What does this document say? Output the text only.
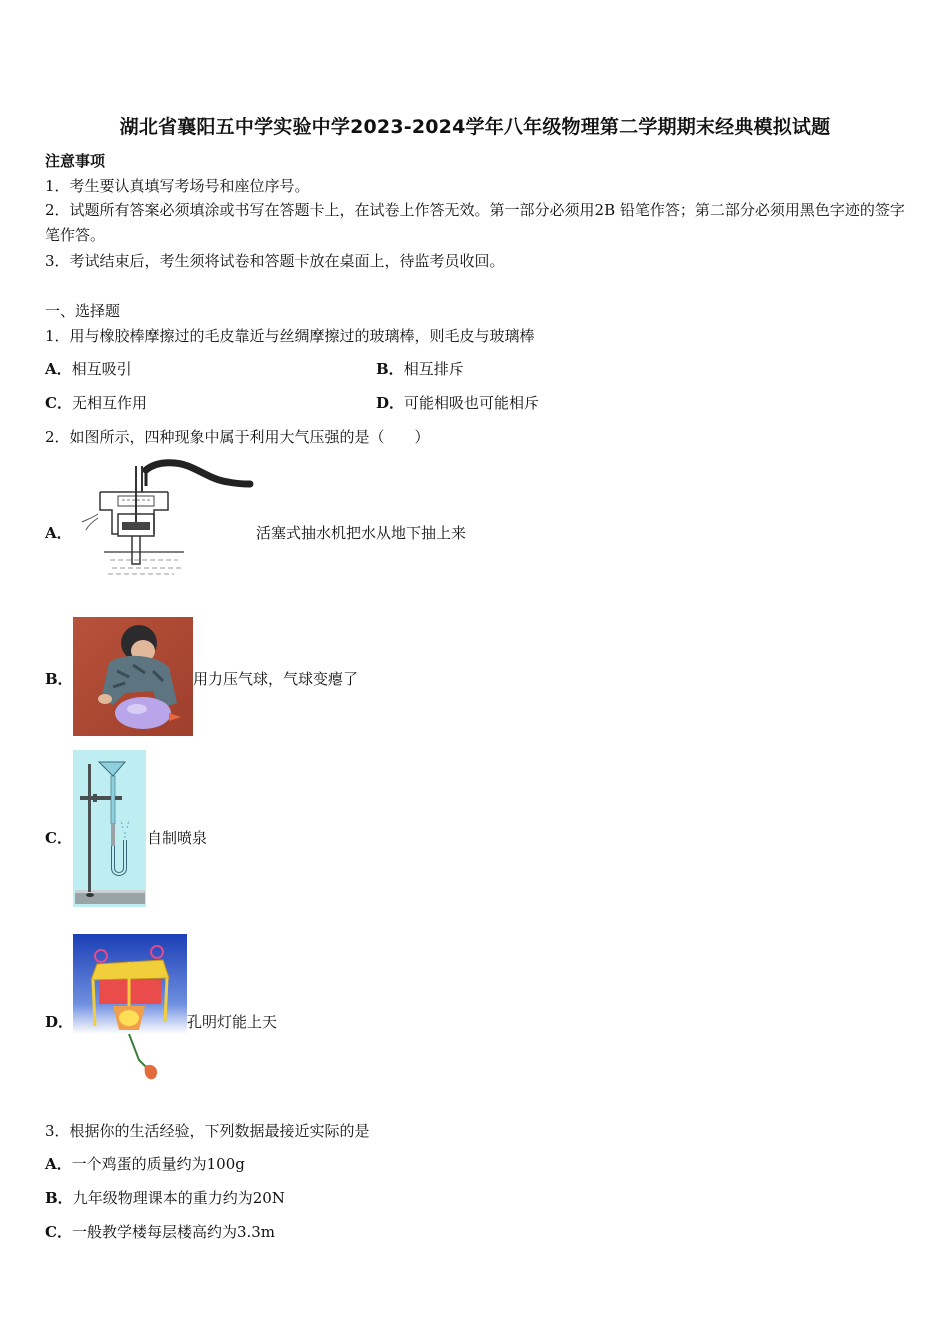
湖北省襄阳五中学实验中学2023-2024学年八年级物理第二学期期末经典模拟试题
注意事项
1．考生要认真填写考场号和座位序号。
2．试题所有答案必须填涂或书写在答题卡上，在试卷上作答无效。第一部分必须用2B 铅笔作答；第二部分必须用黑色字迹的签字笔作答。
3．考试结束后，考生须将试卷和答题卡放在桌面上，待监考员收回。
一、选择题
1．用与橡胶棒摩擦过的毛皮靠近与丝绸摩擦过的玻璃棒，则毛皮与玻璃棒
A．相互吸引	B．相互排斥
C．无相互作用	D．可能相吸也可能相斥
2．如图所示，四种现象中属于利用大气压强的是（　　）
A．	活塞式抽水机把水从地下抽上来
B．	用力压气球，气球变瘪了
C．	自制喷泉
D．	孔明灯能上天
3．根据你的生活经验，下列数据最接近实际的是
A．一个鸡蛋的质量约为100g
B．九年级物理课本的重力约为20N
C．一般教学楼每层楼高约为3.3m
